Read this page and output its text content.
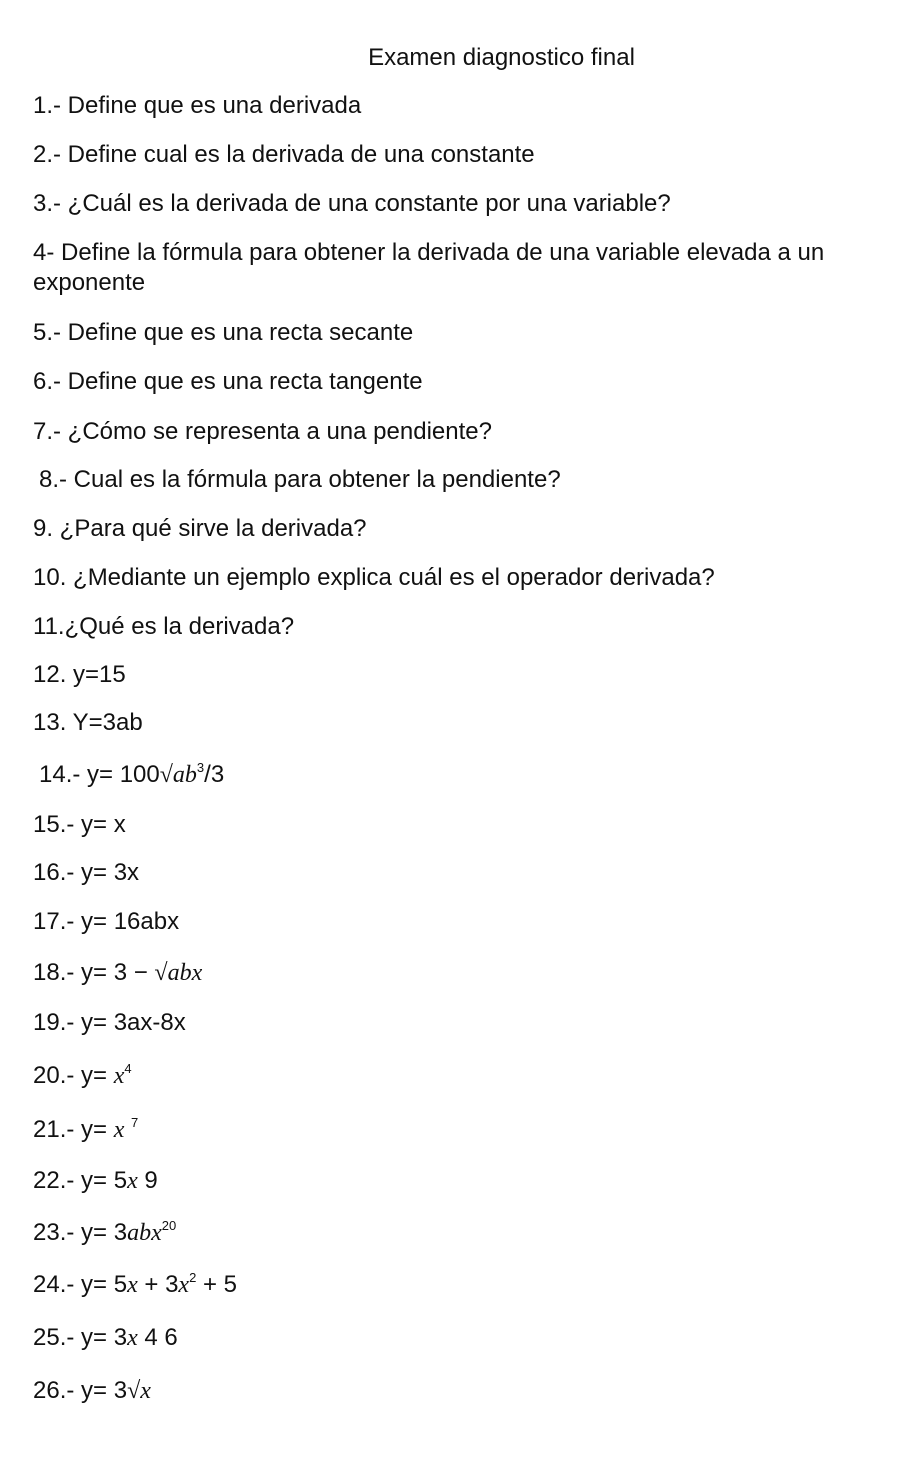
Examen diagnostico final
1.- Define que es una derivada
2.- Define cual es la derivada de una constante
3.- ¿Cuál es la derivada de una constante por una variable?
4- Define la fórmula para obtener la derivada de una variable elevada a un exponente
5.- Define que es una recta secante
6.- Define que es una recta tangente
7.- ¿Cómo se representa a una pendiente?
8.- Cual es la fórmula para obtener la pendiente?
9. ¿Para qué sirve la derivada?
10. ¿Mediante un ejemplo explica cuál es el operador derivada?
11.¿Qué es la derivada?
12. y=15
13. Y=3ab
14.- $y= 100√ab^3/3$
15.- y= x
16.- y= 3x
17.- y= 16abx
18.- y= 3 − √abx
19.- y= 3ax-8x
20.- $y= x^4$
21.- y= x $^7$
22.- y= 5x 9
23.- y= 3abx$^{20}$
24.- $y= 5x + 3x^2 + 5$
25.- y= 3x 4 6
26.- y= 3√x
